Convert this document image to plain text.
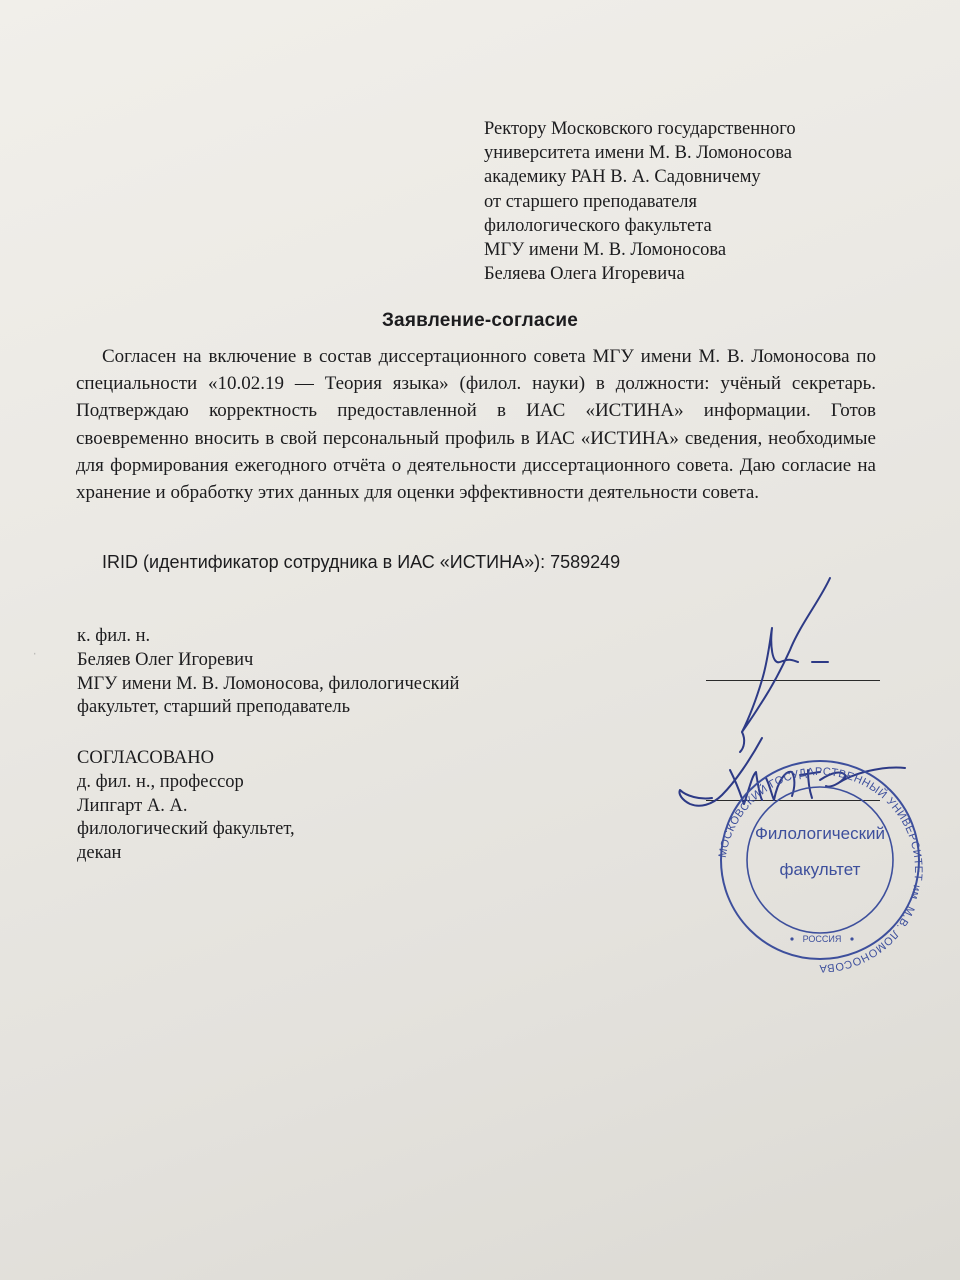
Ректору Московского государственного
университета имени М. В. Ломоносова
академику РАН В. А. Садовничему
от старшего преподавателя
филологического факультета
МГУ имени М. В. Ломоносова
Беляева Олега Игоревича
Заявление-согласие

Согласен на включение в состав диссертационного совета МГУ имени М. В. Ломоносова по специальности «10.02.19 — Теория языка» (филол. науки) в должности: учёный секретарь. Подтверждаю корректность предоставленной в ИАС «ИСТИНА» информации. Готов своевременно вносить в свой персональный профиль в ИАС «ИСТИНА» сведения, необходимые для формирования ежегодного отчёта о деятельности диссертационного совета. Даю согласие на хранение и обработку этих данных для оценки эффективности деятельности совета.

IRID (идентификатор сотрудника в ИАС «ИСТИНА»): 7589249
ˈ
к. фил. н.
Беляев Олег Игоревич
МГУ имени М. В. Ломоносова, филологический
факультет, старший преподаватель
СОГЛАСОВАНО
д. фил. н., профессор
Липгарт А. А.
филологический факультет,
декан	МОСКОВСКИЙ ГОСУДАРСТВЕННЫЙ УНИВЕРСИТЕТ им. М.В. ЛОМОНОСОВА
Филологический
факультет
РОССИЯ
